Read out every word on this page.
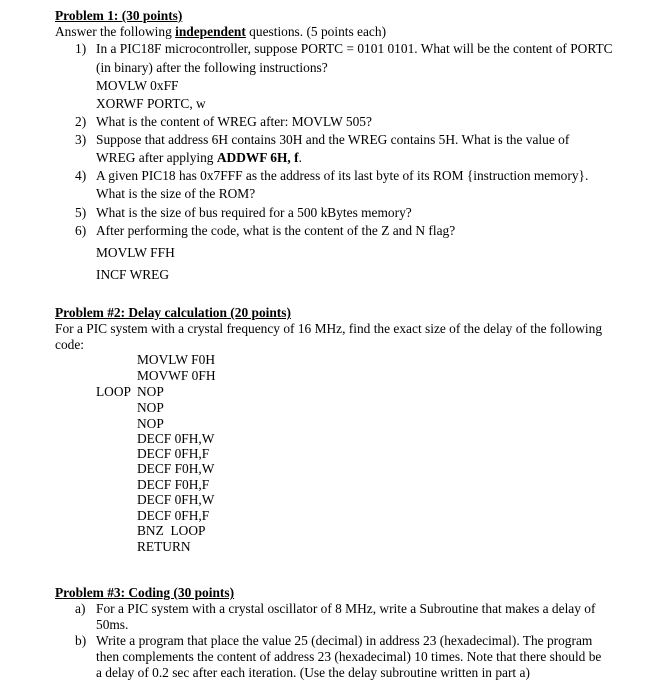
Problem 1: (30 points)
Answer the following independent questions. (5 points each)
1) In a PIC18F microcontroller, suppose PORTC = 0101 0101. What will be the content of PORTC
(in binary) after the following instructions?
MOVLW 0xFF
XORWF PORTC, w
2) What is the content of WREG after: MOVLW 505?
3) Suppose that address 6H contains 30H and the WREG contains 5H. What is the value of
WREG after applying ADDWF 6H, f.
4) A given PIC18 has 0x7FFF as the address of its last byte of its ROM {instruction memory}.
What is the size of the ROM?
5) What is the size of bus required for a 500 kBytes memory?
6) After performing the code, what is the content of the Z and N flag?
MOVLW FFH
INCF WREG
Problem #2: Delay calculation (20 points)
For a PIC system with a crystal frequency of 16 MHz, find the exact size of the delay of the following
code:
MOVLW F0H
MOVWF 0FH
LOOP NOP
NOP
NOP
DECF 0FH,W
DECF 0FH,F
DECF F0H,W
DECF F0H,F
DECF 0FH,W
DECF 0FH,F
BNZ  LOOP
RETURN
Problem #3: Coding (30 points)
a) For a PIC system with a crystal oscillator of 8 MHz, write a Subroutine that makes a delay of
50ms.
b) Write a program that place the value 25 (decimal) in address 23 (hexadecimal). The program
then complements the content of address 23 (hexadecimal) 10 times. Note that there should be
a delay of 0.2 sec after each iteration. (Use the delay subroutine written in part a)
